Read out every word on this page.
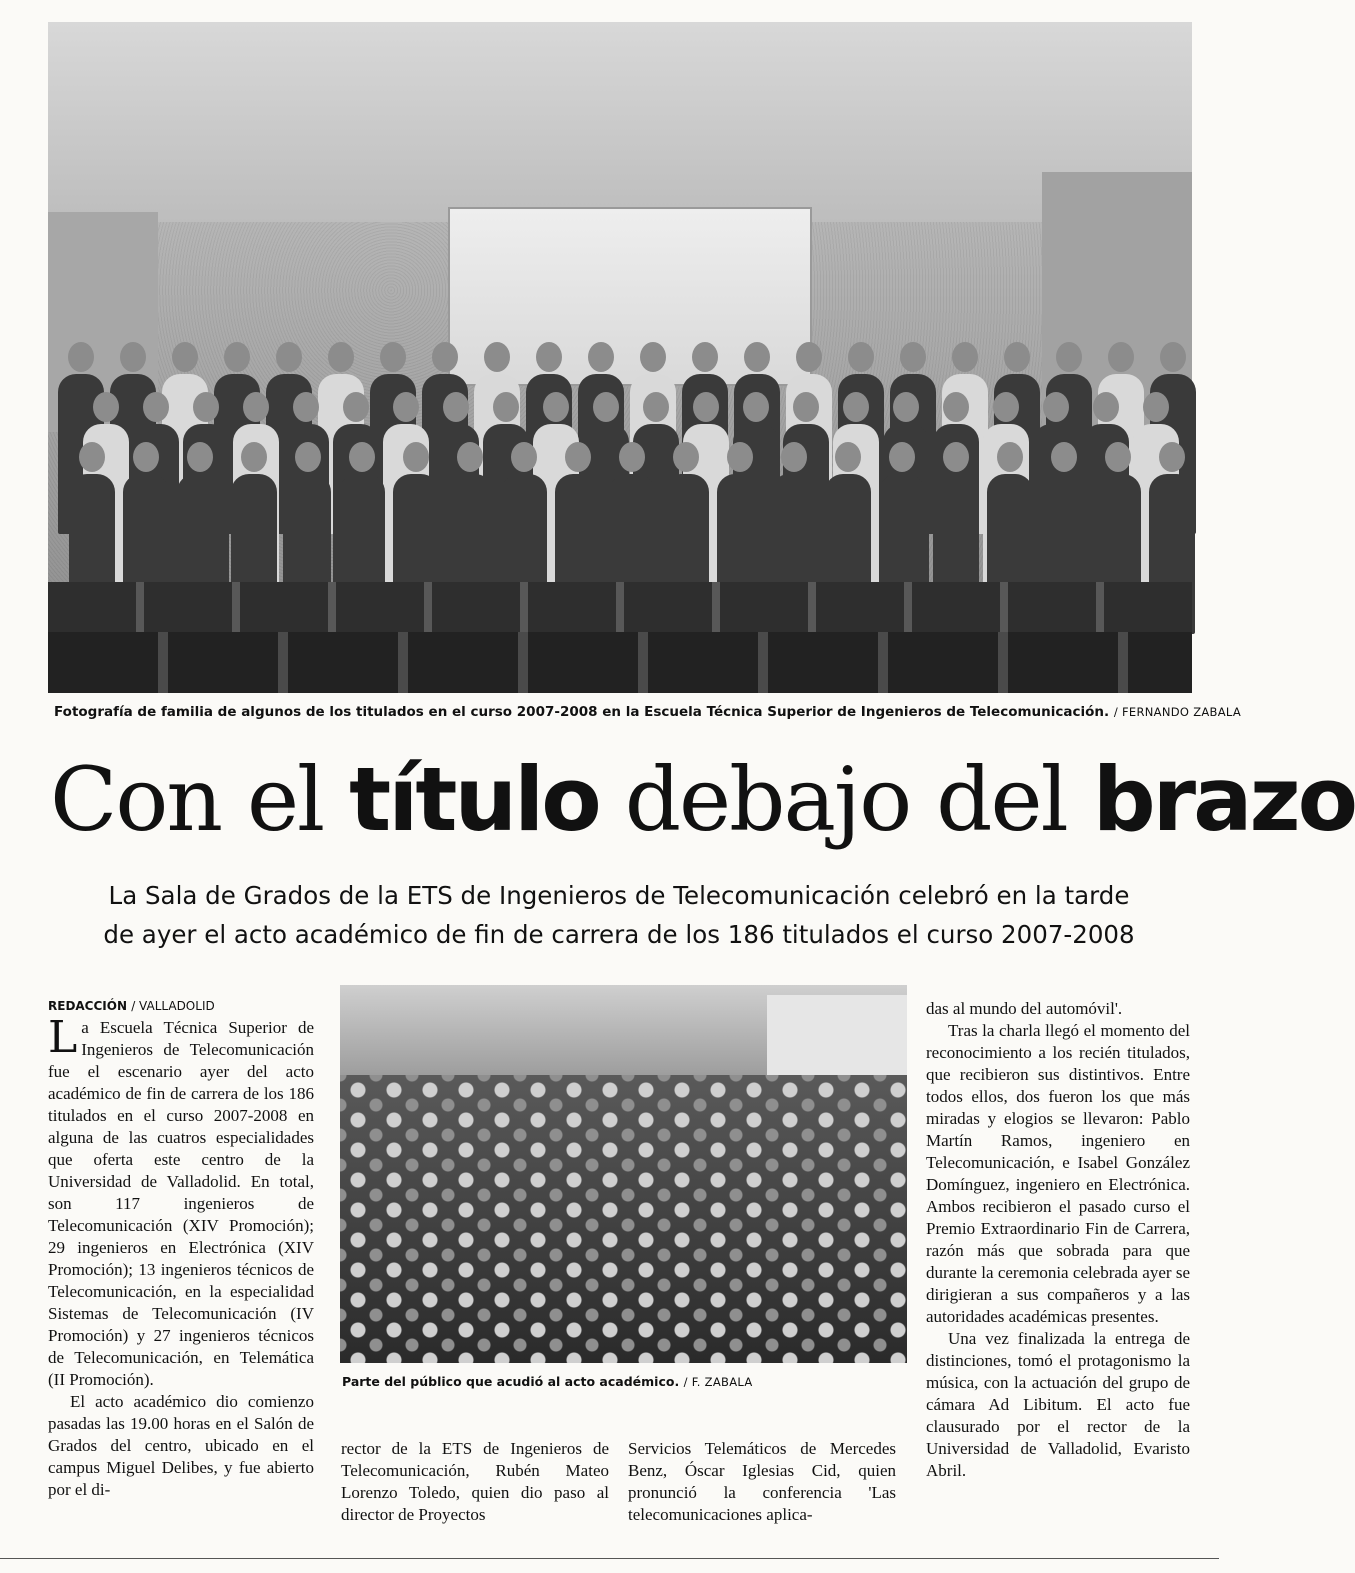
Fotografía de familia de algunos de los titulados en el curso 2007-2008 en la Escuela Técnica Superior de Ingenieros de Telecomunicación. / FERNANDO ZABALA
Con el título debajo del brazo
La Sala de Grados de la ETS de Ingenieros de Telecomunicación celebró en la tarde
de ayer el acto académico de fin de carrera de los 186 titulados el curso 2007-2008
REDACCIÓN / VALLADOLID

La Escuela Técnica Superior de Ingenieros de Telecomunicación fue el escenario ayer del acto académico de fin de carrera de los 186 titulados en el curso 2007-2008 en alguna de las cuatros especialidades que oferta este centro de la Universidad de Valladolid. En total, son 117 ingenieros de Telecomunicación (XIV Promoción); 29 ingenieros en Electrónica (XIV Promoción); 13 ingenieros técnicos de Telecomunicación, en la especialidad Sistemas de Telecomunicación (IV Promoción) y 27 ingenieros técnicos de Telecomunicación, en Telemática (II Promoción).

El acto académico dio comienzo pasadas las 19.00 horas en el Salón de Grados del centro, ubicado en el campus Miguel Delibes, y fue abierto por el di-

Parte del público que acudió al acto académico. / F. ZABALA

rector de la ETS de Ingenieros de Telecomunicación, Rubén Mateo Lorenzo Toledo, quien dio paso al director de Proyectos

Servicios Telemáticos de Mercedes Benz, Óscar Iglesias Cid, quien pronunció la conferencia 'Las telecomunicaciones aplica-

das al mundo del automóvil'.

Tras la charla llegó el momento del reconocimiento a los recién titulados, que recibieron sus distintivos. Entre todos ellos, dos fueron los que más miradas y elogios se llevaron: Pablo Martín Ramos, ingeniero en Telecomunicación, e Isabel González Domínguez, ingeniero en Electrónica. Ambos recibieron el pasado curso el Premio Extraordinario Fin de Carrera, razón más que sobrada para que durante la ceremonia celebrada ayer se dirigieran a sus compañeros y a las autoridades académicas presentes.

Una vez finalizada la entrega de distinciones, tomó el protagonismo la música, con la actuación del grupo de cámara Ad Libitum. El acto fue clausurado por el rector de la Universidad de Valladolid, Evaristo Abril.
